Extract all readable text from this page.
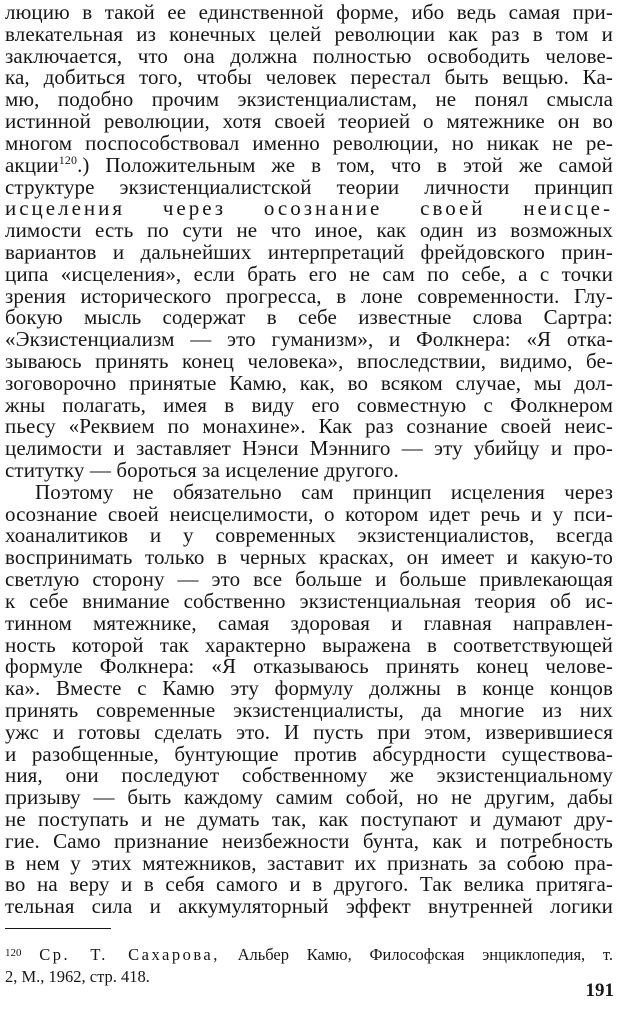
люцию в такой ее единственной форме, ибо ведь самая при-
влекательная из конечных целей революции как раз в том и
заключается, что она должна полностью освободить челове-
ка, добиться того, чтобы человек перестал быть вещью. Ка-
мю, подобно прочим экзистенциалистам, не понял смысла
истинной революции, хотя своей теорией о мятежнике он во
многом поспособствовал именно революции, но никак не ре-
акции$^{120}$.) Положительным же в том, что в этой же самой
структуре экзистенциалистской теории личности принцип
исцеления через осознание своей неисце-
лимости есть по сути не что иное, как один из возможных
вариантов и дальнейших интерпретаций фрейдовского прин-
ципа «исцеления», если брать его не сам по себе, а с точки
зрения исторического прогресса, в лоне современности. Глу-
бокую мысль содержат в себе известные слова Сартра:
«Экзистенциализм — это гуманизм», и Фолкнера: «Я отка-
зываюсь принять конец человека», впоследствии, видимо, бе-
зоговорочно принятые Камю, как, во всяком случае, мы дол-
жны полагать, имея в виду его совместную с Фолкнером
пьесу «Реквием по монахине». Как раз сознание своей неис-
целимости и заставляет Нэнси Мэнниго — эту убийцу и про-
ститутку — бороться за исцеление другого.
Поэтому не обязательно сам принцип исцеления через
осознание своей неисцелимости, о котором идет речь и у пси-
хоаналитиков и у современных экзистенциалистов, всегда
воспринимать только в черных красках, он имеет и какую-то
светлую сторону — это все больше и больше привлекающая
к себе внимание собственно экзистенциальная теория об ис-
тинном мятежнике, самая здоровая и главная направлен-
ность которой так характерно выражена в соответствующей
формуле Фолкнера: «Я отказываюсь принять конец челове-
ка». Вместе с Камю эту формулу должны в конце концов
принять современные экзистенциалисты, да многие из них
ужс и готовы сделать это. И пусть при этом, изверившиеся
и разобщенные, бунтующие против абсурдности существова-
ния, они последуют собственному же экзистенциальному
призыву — быть каждому самим собой, но не другим, дабы
не поступать и не думать так, как поступают и думают дру-
гие. Само признание неизбежности бунта, как и потребность
в нем у этих мятежников, заставит их признать за собою пра-
во на веру и в себя самого и в другого. Так велика притяга-
тельная сила и аккумуляторный эффект внутренней логики
$^{120}$ Ср. Т. Сахарова, Альбер Камю, Философская энциклопедия, т.
2, М., 1962, стр. 418.
191
